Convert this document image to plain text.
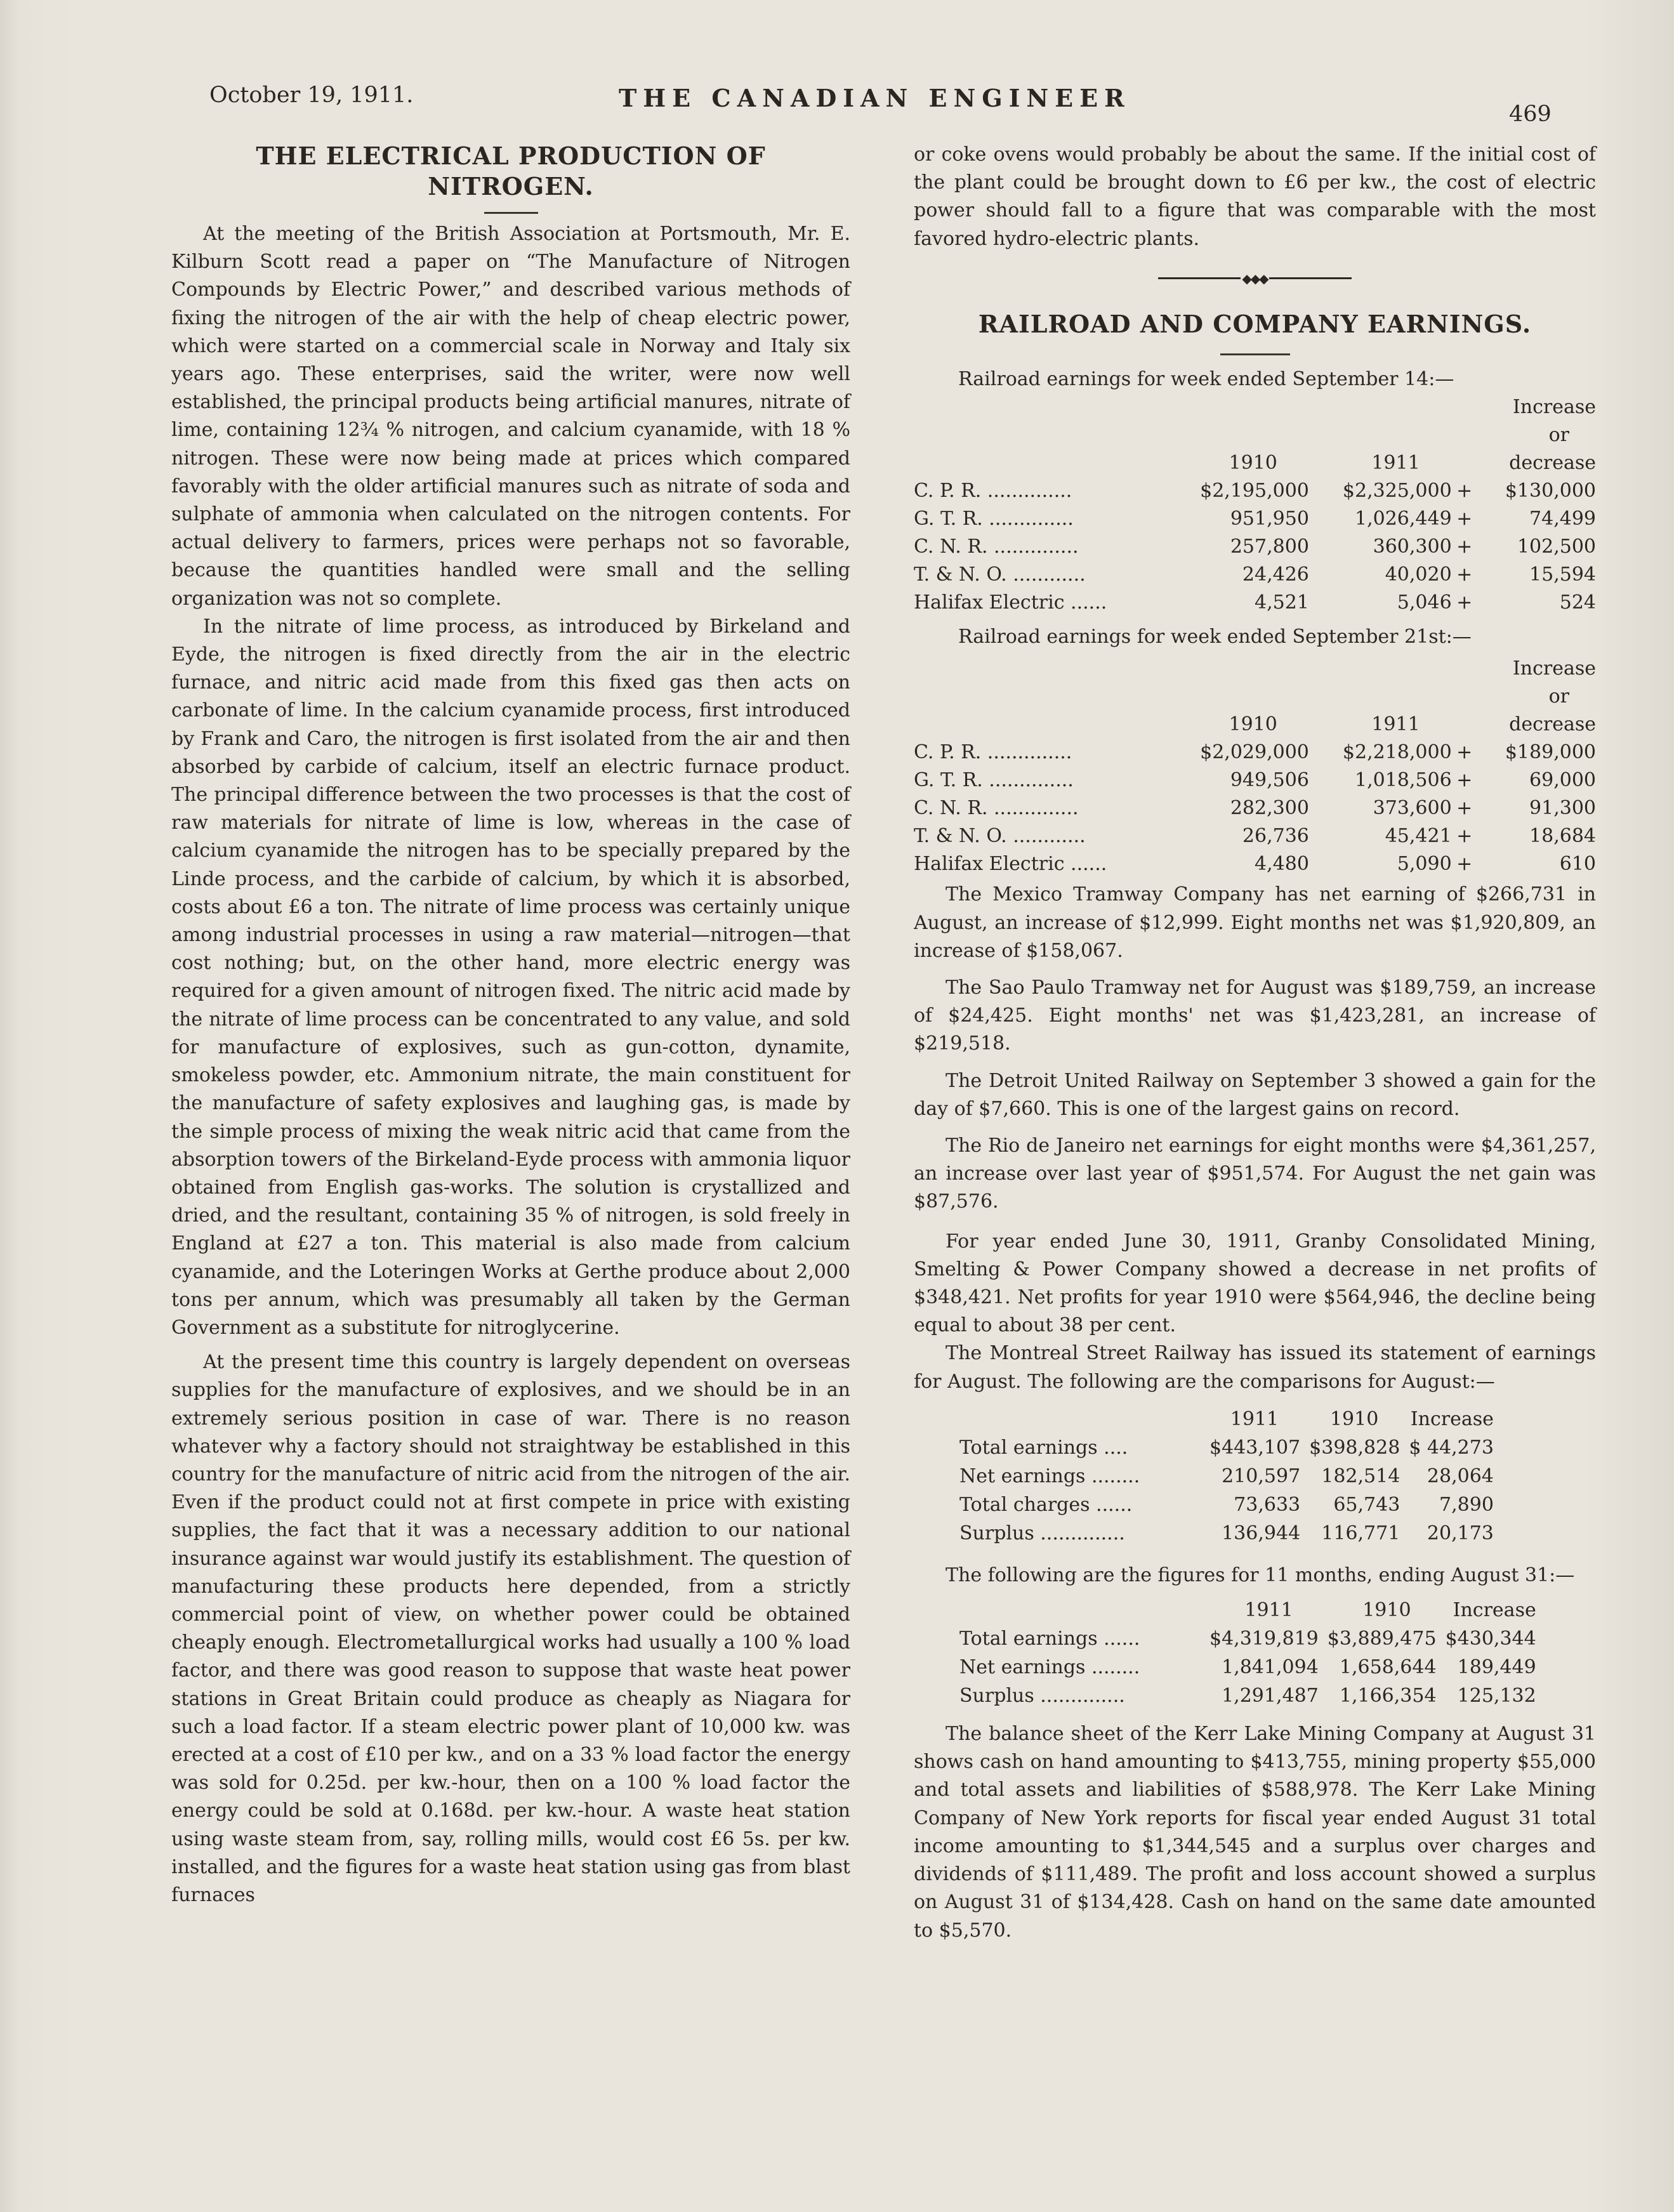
October 19, 1911.	THE CANADIAN ENGINEER
469
THE ELECTRICAL PRODUCTION OF
NITROGEN.

At the meeting of the British Association at Portsmouth, Mr. E. Kilburn Scott read a paper on “The Manufacture of Nitrogen Compounds by Electric Power,” and described various methods of fixing the nitrogen of the air with the help of cheap electric power, which were started on a commercial scale in Norway and Italy six years ago. These enterprises, said the writer, were now well established, the principal products being artificial manures, nitrate of lime, containing 12¾ % nitrogen, and calcium cyanamide, with 18 % nitrogen. These were now being made at prices which compared favorably with the older artificial manures such as nitrate of soda and sulphate of ammonia when calculated on the nitrogen contents. For actual delivery to farmers, prices were perhaps not so favorable, because the quantities handled were small and the selling organization was not so complete.

In the nitrate of lime process, as introduced by Birkeland and Eyde, the nitrogen is fixed directly from the air in the electric furnace, and nitric acid made from this fixed gas then acts on carbonate of lime. In the calcium cyanamide process, first introduced by Frank and Caro, the nitrogen is first isolated from the air and then absorbed by carbide of calcium, itself an electric furnace product. The principal difference between the two processes is that the cost of raw materials for nitrate of lime is low, whereas in the case of calcium cyanamide the nitrogen has to be specially prepared by the Linde process, and the carbide of calcium, by which it is absorbed, costs about £6 a ton. The nitrate of lime process was certainly unique among industrial processes in using a raw material—nitrogen—that cost nothing; but, on the other hand, more electric energy was required for a given amount of nitrogen fixed. The nitric acid made by the nitrate of lime process can be concentrated to any value, and sold for manufacture of explosives, such as gun-cotton, dynamite, smokeless powder, etc. Ammonium nitrate, the main constituent for the manufacture of safety explosives and laughing gas, is made by the simple process of mixing the weak nitric acid that came from the absorption towers of the Birkeland-Eyde process with ammonia liquor obtained from English gas-works. The solution is crystallized and dried, and the resultant, containing 35 % of nitrogen, is sold freely in England at £27 a ton. This material is also made from calcium cyanamide, and the Loteringen Works at Gerthe produce about 2,000 tons per annum, which was presumably all taken by the German Government as a substitute for nitroglycerine.

At the present time this country is largely dependent on overseas supplies for the manufacture of explosives, and we should be in an extremely serious position in case of war. There is no reason whatever why a factory should not straightway be established in this country for the manufacture of nitric acid from the nitrogen of the air. Even if the product could not at first compete in price with existing supplies, the fact that it was a necessary addition to our national insurance against war would justify its establishment. The question of manufacturing these products here depended, from a strictly commercial point of view, on whether power could be obtained cheaply enough. Electrometallurgical works had usually a 100 % load factor, and there was good reason to suppose that waste heat power stations in Great Britain could produce as cheaply as Niagara for such a load factor. If a steam electric power plant of 10,000 kw. was erected at a cost of £10 per kw., and on a 33 % load factor the energy was sold for 0.25d. per kw.-hour, then on a 100 % load factor the energy could be sold at 0.168d. per kw.-hour. A waste heat station using waste steam from, say, rolling mills, would cost £6 5s. per kw. installed, and the figures for a waste heat station using gas from blast furnaces

or coke ovens would probably be about the same. If the initial cost of the plant could be brought down to £6 per kw., the cost of electric power should fall to a figure that was comparable with the most favored hydro-electric plants.

◆◆◆
RAILROAD AND COMPANY EARNINGS.
Railroad earnings for week ended September 14:—
				Increase
				or
	1910	1911		decrease
C. P. R. ..............	$2,195,000	$2,325,000	+	$130,000
G. T. R. ..............	951,950	1,026,449	+	74,499
C. N. R. ..............	257,800	360,300	+	102,500
T. & N. O. ............	24,426	40,020	+	15,594
Halifax Electric ......	4,521	5,046	+	524
Railroad earnings for week ended September 21st:—
				Increase
				or
	1910	1911		decrease
C. P. R. ..............	$2,029,000	$2,218,000	+	$189,000
G. T. R. ..............	949,506	1,018,506	+	69,000
C. N. R. ..............	282,300	373,600	+	91,300
T. & N. O. ............	26,736	45,421	+	18,684
Halifax Electric ......	4,480	5,090	+	610

The Mexico Tramway Company has net earning of $266,731 in August, an increase of $12,999. Eight months net was $1,920,809, an increase of $158,067.

The Sao Paulo Tramway net for August was $189,759, an increase of $24,425. Eight months' net was $1,423,281, an increase of $219,518.

The Detroit United Railway on September 3 showed a gain for the day of $7,660. This is one of the largest gains on record.

The Rio de Janeiro net earnings for eight months were $4,361,257, an increase over last year of $951,574. For August the net gain was $87,576.

For year ended June 30, 1911, Granby Consolidated Mining, Smelting & Power Company showed a decrease in net profits of $348,421. Net profits for year 1910 were $564,946, the decline being equal to about 38 per cent.

The Montreal Street Railway has issued its statement of earnings for August. The following are the comparisons for August:—

	1911	1910	Increase
Total earnings ....	$443,107	$398,828	$ 44,273
Net earnings ........	210,597	182,514	28,064
Total charges ......	73,633	65,743	7,890
Surplus ..............	136,944	116,771	20,173

The following are the figures for 11 months, ending August 31:—

	1911	1910	Increase
Total earnings ......	$4,319,819	$3,889,475	$430,344
Net earnings ........	1,841,094	1,658,644	189,449
Surplus ..............	1,291,487	1,166,354	125,132

The balance sheet of the Kerr Lake Mining Company at August 31 shows cash on hand amounting to $413,755, mining property $55,000 and total assets and liabilities of $588,978. The Kerr Lake Mining Company of New York reports for fiscal year ended August 31 total income amounting to $1,344,545 and a surplus over charges and dividends of $111,489. The profit and loss account showed a surplus on August 31 of $134,428. Cash on hand on the same date amounted to $5,570.
